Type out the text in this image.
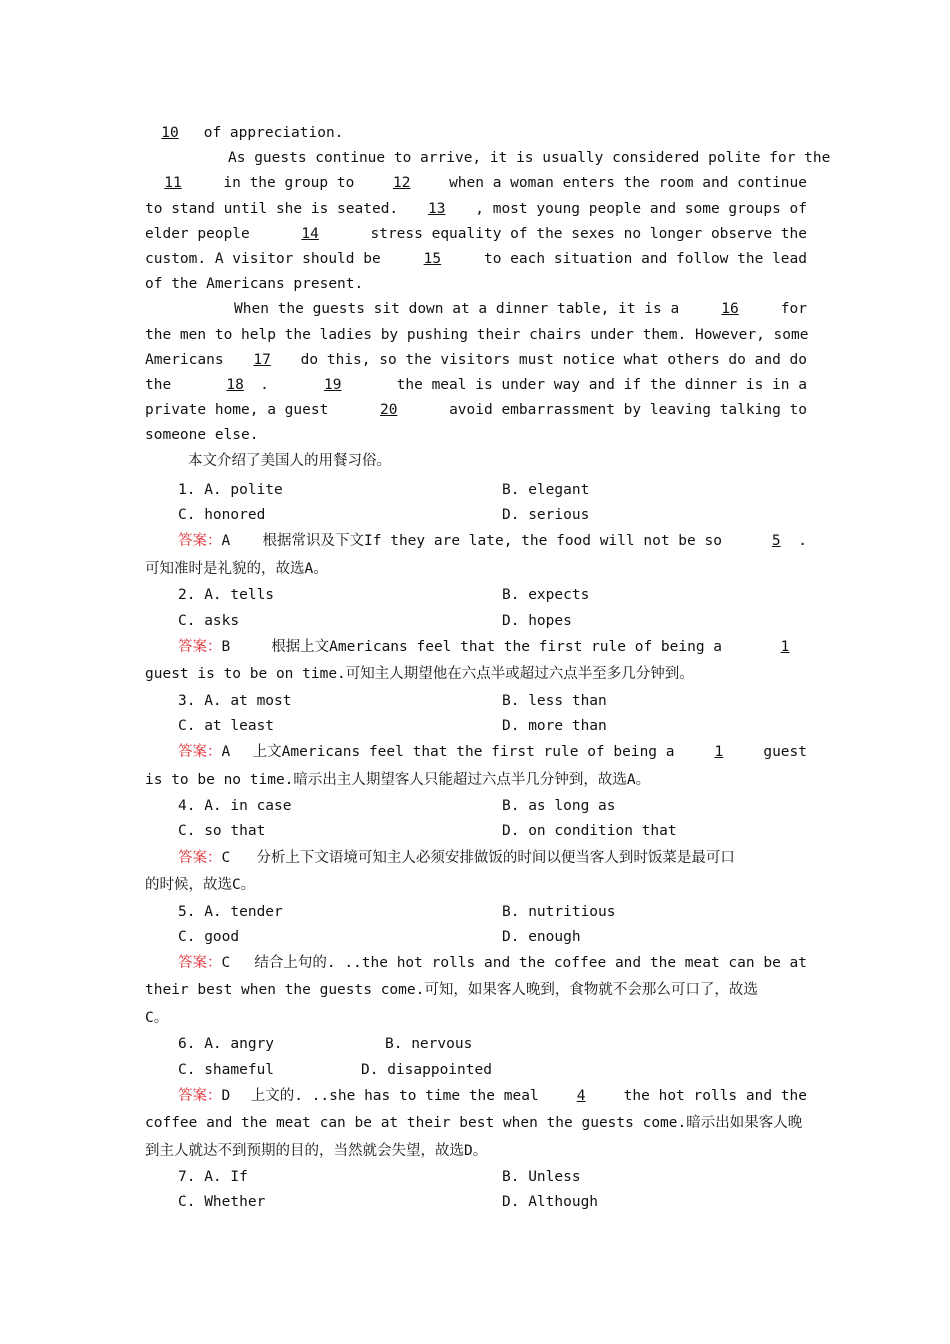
10 of appreciation.
As guests continue to arrive, it is usually considered polite for the
11	in the group to	12	when a woman enters the room and continue
to stand until she is seated.	13	, most young people and some groups of
elder people	14	stress equality of the sexes no longer observe the
custom. A visitor should be	15	to each situation and follow the lead
of the Americans present.
When the guests sit down at a dinner table, it is a	16	for
the men to help the ladies by pushing their chairs under them. However, some
Americans	17	do this, so the visitors must notice what others do and do
the	18 .	19	the meal is under way and if the dinner is in a
private home, a guest	20	avoid embarrassment by leaving talking to
someone else.
本文介绍了美国人的用餐习俗。
1. A. polite	B. elegant
C. honored	D. serious
答案：A 根据常识及下文If they are late, the food will not be so	5 .
可知准时是礼貌的，故选A。
2. A. tells	B. expects
C. asks	D. hopes
答案：B	根据上文Americans feel that the first rule of being a	1
guest is to be on time.可知主人期望他在六点半或超过六点半至多几分钟到。
3. A. at most	B. less than
C. at least	D. more than
答案：A 上文Americans feel that the first rule of being a	1	guest
is to be no time.暗示出主人期望客人只能超过六点半几分钟到，故选A。
4. A. in case	B. as long as
C. so that	D. on condition that
答案：C 分析上下文语境可知主人必须安排做饭的时间以便当客人到时饭菜是最可口
的时候，故选C。
5. A. tender	B. nutritious
C. good	D. enough
答案：C 结合上句的. ..the hot rolls and the coffee and the meat can be at
their best when the guests come.可知，如果客人晚到，食物就不会那么可口了，故选
C。
6. A. angry	B. nervous
C. shameful	D. disappointed
答案：D 上文的. ..she has to time the meal	4	the hot rolls and the
coffee and the meat can be at their best when the guests come.暗示出如果客人晚
到主人就达不到预期的目的，当然就会失望，故选D。
7. A. If	B. Unless
C. Whether	D. Although
